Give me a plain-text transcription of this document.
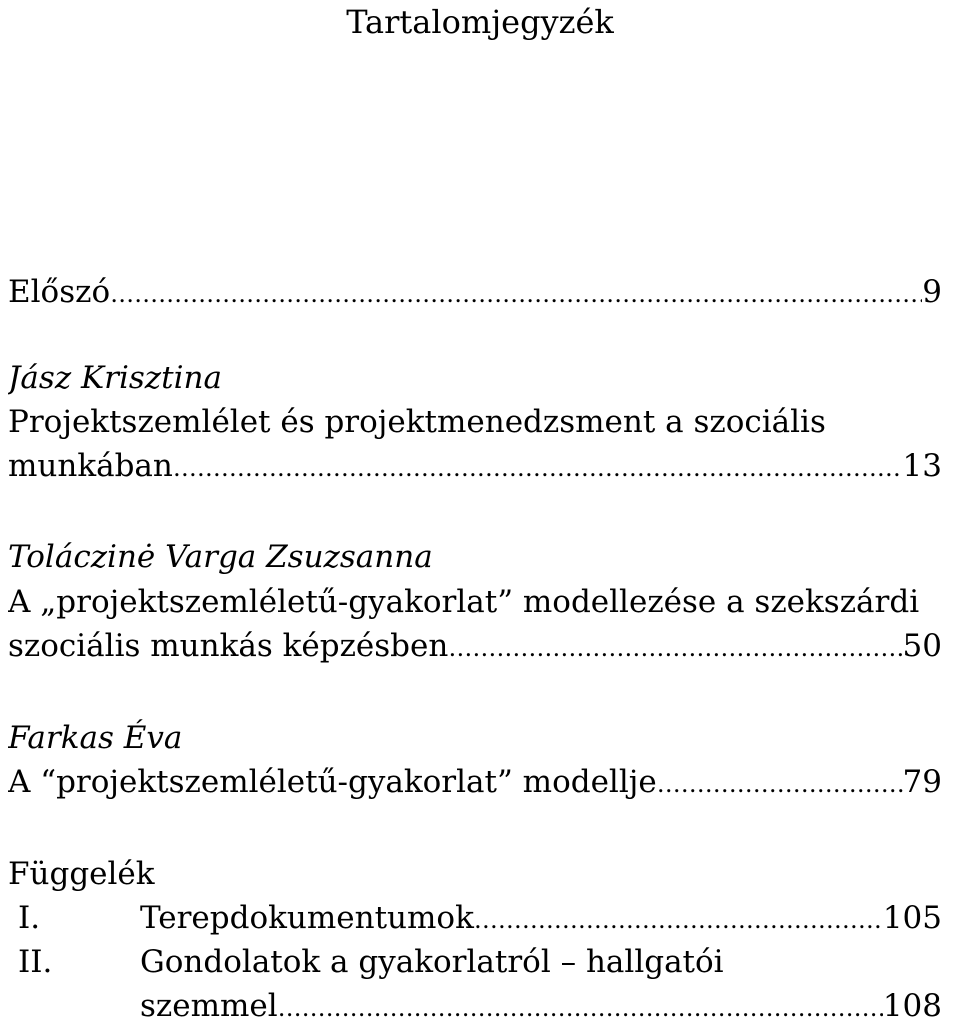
Tartalomjegyzék
Előszó ……………………………………………………………………………………………………………………………………………………	9
Jász Krisztina
Projektszemlélet és projektmenedzsment a szociális
munkában ……………………………………………………………………………………………………………………………………………………	13
Toláczinė Varga Zsuzsanna
A „projektszemléletű-gyakorlat” modellezése a szekszárdi
szociális munkás képzésben ……………………………………………………………………………………………………………………………………………………	50
Farkas Éva
A “projektszemléletű-gyakorlat” modellje ……………………………………………………………………………………………………………………………………………………	79
Függelék
I.	Terepdokumentumok ……………………………………………………………………………………………………………………………………………………	105
II.	Gondolatok a gyakorlatról – hallgatói
szemmel ……………………………………………………………………………………………………………………………………………………	108
